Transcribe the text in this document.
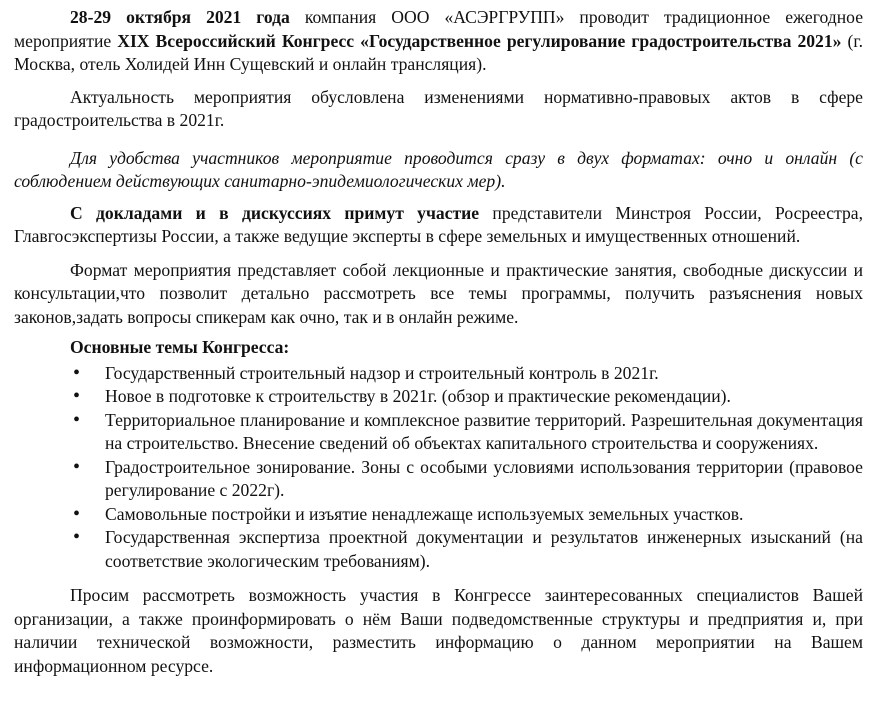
28-29 октября 2021 года компания ООО «АСЭРГРУПП» проводит традиционное ежегодное мероприятие XIX Всероссийский Конгресс «Государственное регулирование градостроительства 2021» (г. Москва, отель Холидей Инн Сущевский и онлайн трансляция).

Актуальность мероприятия обусловлена изменениями нормативно-правовых актов в сфере градостроительства в 2021г.

Для удобства участников мероприятие проводится сразу в двух форматах: очно и онлайн (с соблюдением действующих санитарно-эпидемиологических мер).

С докладами и в дискуссиях примут участие представители Минстроя России, Росреестра, Главгосэкспертизы России, а также ведущие эксперты в сфере земельных и имущественных отношений.

Формат мероприятия представляет собой лекционные и практические занятия, свободные дискуссии и консультации,что позволит детально рассмотреть все темы программы, получить разъяснения новых законов,задать вопросы спикерам как очно, так и в онлайн режиме.

Основные темы Конгресса:
• Государственный строительный надзор и строительный контроль в 2021г.
• Новое в подготовке к строительству в 2021г. (обзор и практические рекомендации).
• Территориальное планирование и комплексное развитие территорий. Разрешительная документация на строительство. Внесение сведений об объектах капитального строительства и сооружениях.
• Градостроительное зонирование. Зоны с особыми условиями использования территории (правовое регулирование с 2022г).
• Самовольные постройки и изъятие ненадлежаще используемых земельных участков.
• Государственная экспертиза проектной документации и результатов инженерных изысканий (на соответствие экологическим требованиям).

Просим рассмотреть возможность участия в Конгрессе заинтересованных специалистов Вашей организации, а также проинформировать о нём Ваши подведомственные структуры и предприятия и, при наличии технической возможности, разместить информацию о данном мероприятии на Вашем информационном ресурсе.
